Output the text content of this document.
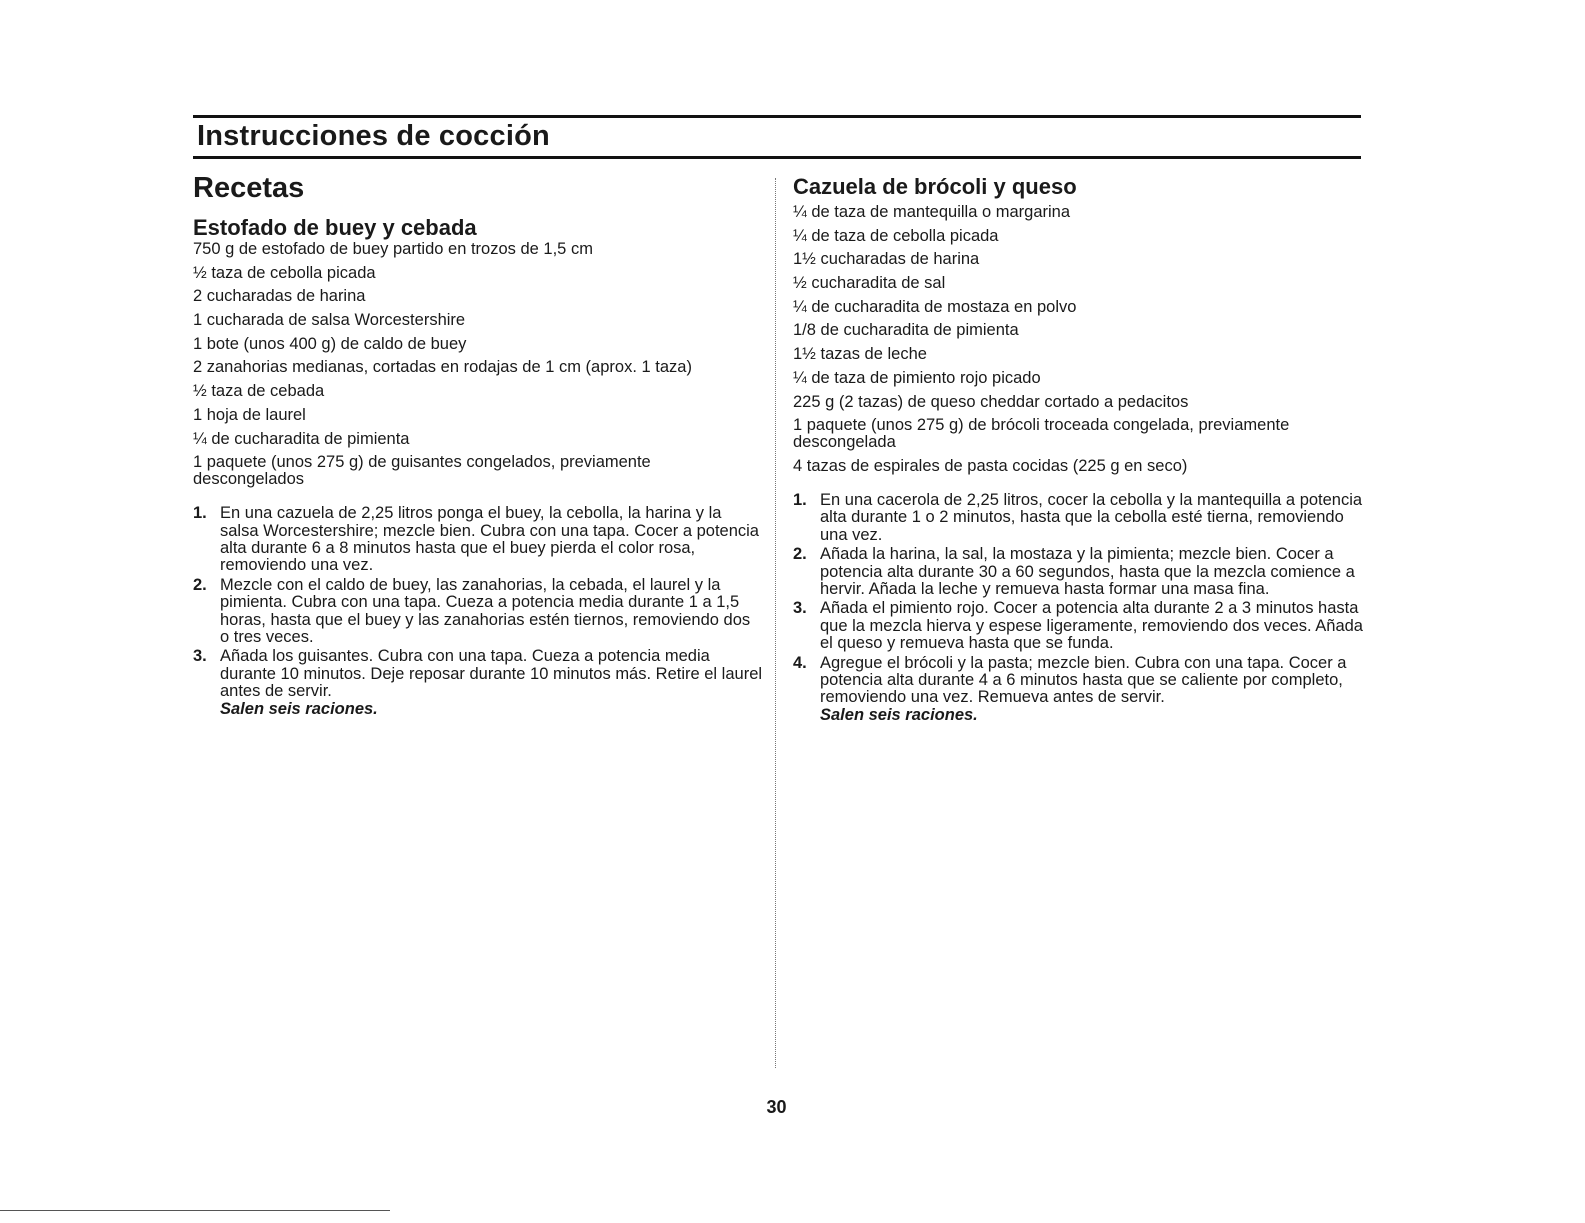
Instrucciones de cocción
Recetas
Estofado de buey y cebada
750 g de estofado de buey partido en trozos de 1,5 cm
½ taza de cebolla picada
2 cucharadas de harina
1 cucharada de salsa Worcestershire
1 bote (unos 400 g) de caldo de buey
2 zanahorias medianas, cortadas en rodajas de 1 cm (aprox. 1 taza)
½ taza de cebada
1 hoja de laurel
¼ de cucharadita de pimienta
1 paquete (unos 275 g) de guisantes congelados, previamente descongelados
1. En una cazuela de 2,25 litros ponga el buey, la cebolla, la harina y la salsa Worcestershire; mezcle bien. Cubra con una tapa. Cocer a potencia alta durante 6 a 8 minutos hasta que el buey pierda el color rosa, removiendo una vez.
2. Mezcle con el caldo de buey, las zanahorias, la cebada, el laurel y la pimienta. Cubra con una tapa. Cueza a potencia media durante 1 a 1,5 horas, hasta que el buey y las zanahorias estén tiernos, removiendo dos o tres veces.
3. Añada los guisantes. Cubra con una tapa. Cueza a potencia media durante 10 minutos. Deje reposar durante 10 minutos más. Retire el laurel antes de servir.
Salen seis raciones.
Cazuela de brócoli y queso
¼ de taza de mantequilla o margarina
¼ de taza de cebolla picada
1½ cucharadas de harina
½ cucharadita de sal
¼ de cucharadita de mostaza en polvo
1/8 de cucharadita de pimienta
1½ tazas de leche
¼ de taza de pimiento rojo picado
225 g (2 tazas) de queso cheddar cortado a pedacitos
1 paquete (unos 275 g) de brócoli troceada congelada, previamente descongelada
4 tazas de espirales de pasta cocidas (225 g en seco)
1. En una cacerola de 2,25 litros, cocer la cebolla y la mantequilla a potencia alta durante 1 o 2 minutos, hasta que la cebolla esté tierna, removiendo una vez.
2. Añada la harina, la sal, la mostaza y la pimienta; mezcle bien. Cocer a potencia alta durante 30 a 60 segundos, hasta que la mezcla comience a hervir. Añada la leche y remueva hasta formar una masa fina.
3. Añada el pimiento rojo. Cocer a potencia alta durante 2 a 3 minutos hasta que la mezcla hierva y espese ligeramente, removiendo dos veces. Añada el queso y remueva hasta que se funda.
4. Agregue el brócoli y la pasta; mezcle bien. Cubra con una tapa. Cocer a potencia alta durante 4 a 6 minutos hasta que se caliente por completo, removiendo una vez. Remueva antes de servir.
Salen seis raciones.
30
